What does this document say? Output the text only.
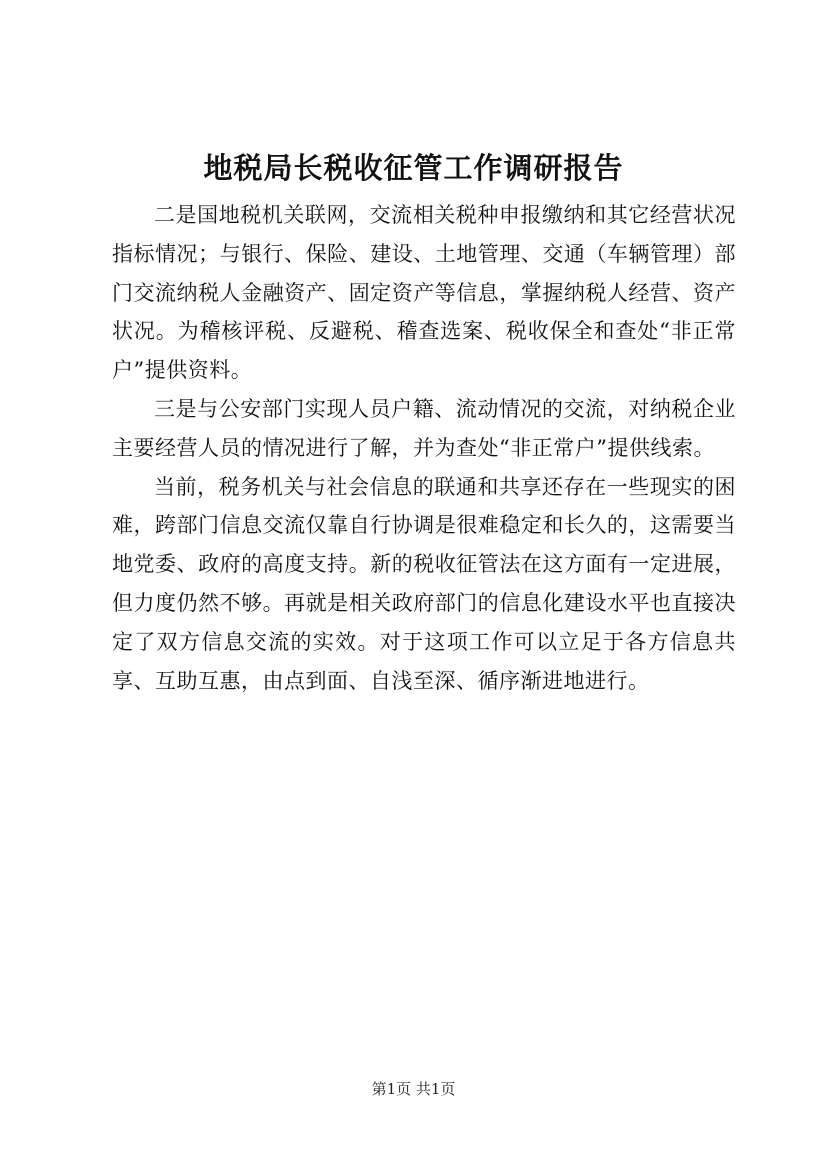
地税局长税收征管工作调研报告

二是国地税机关联网，交流相关税种申报缴纳和其它经营状况指标情况；与银行、保险、建设、土地管理、交通（车辆管理）部门交流纳税人金融资产、固定资产等信息，掌握纳税人经营、资产状况。为稽核评税、反避税、稽查选案、税收保全和查处“非正常户”提供资料。

三是与公安部门实现人员户籍、流动情况的交流，对纳税企业主要经营人员的情况进行了解，并为查处“非正常户”提供线索。

当前，税务机关与社会信息的联通和共享还存在一些现实的困难，跨部门信息交流仅靠自行协调是很难稳定和长久的，这需要当地党委、政府的高度支持。新的税收征管法在这方面有一定进展，但力度仍然不够。再就是相关政府部门的信息化建设水平也直接决定了双方信息交流的实效。对于这项工作可以立足于各方信息共享、互助互惠，由点到面、自浅至深、循序渐进地进行。

第1页 共1页
